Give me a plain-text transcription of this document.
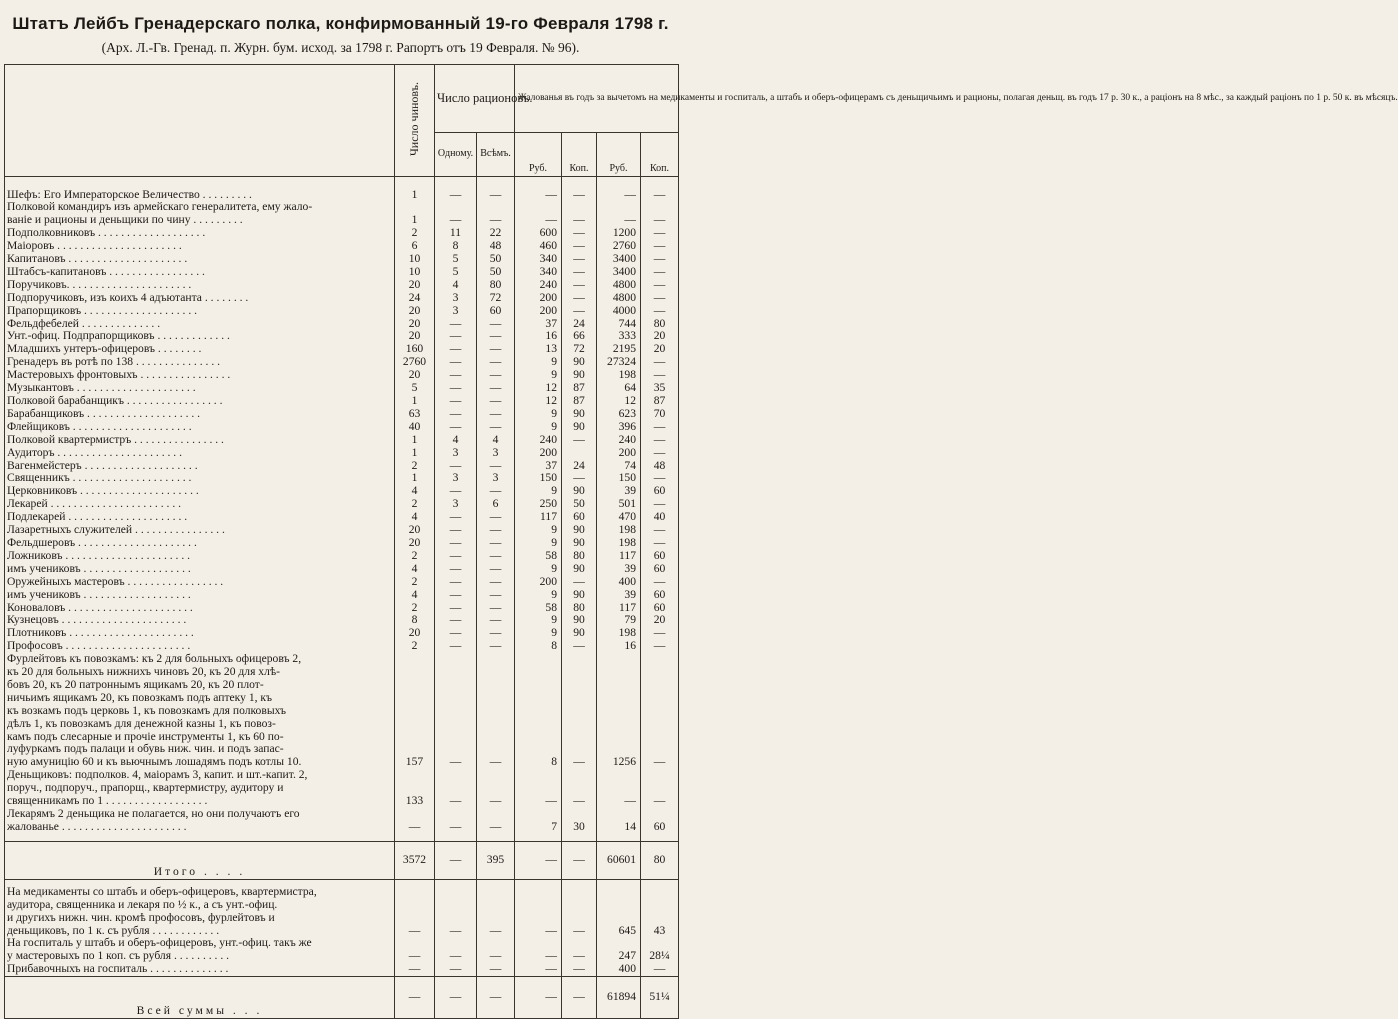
Штатъ Лейбъ Гренадерскаго полка, конфирмованный 19-го Февраля 1798 г.
(Арх. Л.-Гв. Гренад. п. Журн. бум. исход. за 1798 г. Рапортъ отъ 19 Февраля. № 96).
	Число чиновъ.	Число рационовъ.		Жалованья въ годъ за вычетомъ на медикаменты и госпиталь, а штабъ и оберъ-офицерамъ съ деньщичьимъ и рационы, полагая деньщ. въ годъ 17 р. 30 к., а раціонъ на 8 мѣс., за каждый раціонъ по 1 р. 50 к. въ мѣсяцъ.			
		Одному.	Всѣмъ.	Руб.	Коп.	Руб.	Коп.

Шефъ: Его Императорское Величество . . . . . . . . .	1	—	—	—	—	—	—
Полковой командиръ изъ армейскаго генералитета, ему жало-							
ваніе и рационы и деньщики по чину . . . . . . . . .	1	—	—	—	—	—	—
Подполковниковъ . . . . . . . . . . . . . . . . . . .	2	11	22	600	—	1200	—
Маіоровъ . . . . . . . . . . . . . . . . . . . . . .	6	8	48	460	—	2760	—
Капитановъ . . . . . . . . . . . . . . . . . . . . .	10	5	50	340	—	3400	—
Штабсъ-капитановъ . . . . . . . . . . . . . . . . .	10	5	50	340	—	3400	—
Поручиковъ. . . . . . . . . . . . . . . . . . . . . .	20	4	80	240	—	4800	—
Подпоручиковъ, изъ коихъ 4 адъютанта . . . . . . . .	24	3	72	200	—	4800	—
Прапорщиковъ . . . . . . . . . . . . . . . . . . . .	20	3	60	200	—	4000	—
Фельдфебелей . . . . . . . . . . . . . .	20	—	—	37	24	744	80
Унт.-офиц. Подпрапорщиковъ . . . . . . . . . . . . .	20	—	—	16	66	333	20
Младшихъ унтеръ-офицеровъ . . . . . . . .	160	—	—	13	72	2195	20
Гренадеръ въ ротѣ по 138 . . . . . . . . . . . . . . .	2760	—	—	9	90	27324	—
Мастеровыхъ фронтовыхъ . . . . . . . . . . . . . . . .	20	—	—	9	90	198	—
Музыкантовъ . . . . . . . . . . . . . . . . . . . . .	5	—	—	12	87	64	35
Полковой барабанщикъ . . . . . . . . . . . . . . . . .	1	—	—	12	87	12	87
Барабанщиковъ . . . . . . . . . . . . . . . . . . . .	63	—	—	9	90	623	70
Флейщиковъ . . . . . . . . . . . . . . . . . . . . .	40	—	—	9	90	396	—
Полковой квартермистръ . . . . . . . . . . . . . . . .	1	4	4	240	—	240	—
Аудиторъ . . . . . . . . . . . . . . . . . . . . . .	1	3	3	200		200	—
Вагенмейстеръ . . . . . . . . . . . . . . . . . . . .	2	—	—	37	24	74	48
Священникъ . . . . . . . . . . . . . . . . . . . . .	1	3	3	150	—	150	—
Церковниковъ . . . . . . . . . . . . . . . . . . . . .	4	—	—	9	90	39	60
Лекарей . . . . . . . . . . . . . . . . . . . . . . .	2	3	6	250	50	501	—
Подлекарей . . . . . . . . . . . . . . . . . . . . .	4	—	—	117	60	470	40
Лазаретныхъ служителей . . . . . . . . . . . . . . . .	20	—	—	9	90	198	—
Фельдшеровъ . . . . . . . . . . . . . . . . . . . . .	20	—	—	9	90	198	—
Ложниковъ . . . . . . . . . . . . . . . . . . . . . .	2	—	—	58	80	117	60
имъ учениковъ . . . . . . . . . . . . . . . . . . .	4	—	—	9	90	39	60
Оружейныхъ мастеровъ . . . . . . . . . . . . . . . . .	2	—	—	200	—	400	—
имъ учениковъ . . . . . . . . . . . . . . . . . . .	4	—	—	9	90	39	60
Коноваловъ . . . . . . . . . . . . . . . . . . . . . .	2	—	—	58	80	117	60
Кузнецовъ . . . . . . . . . . . . . . . . . . . . . .	8	—	—	9	90	79	20
Плотниковъ . . . . . . . . . . . . . . . . . . . . . .	20	—	—	9	90	198	—
Профосовъ . . . . . . . . . . . . . . . . . . . . . .	2	—	—	8	—	16	—
Фурлейтовъ къ повозкамъ: къ 2 для больныхъ офицеровъ 2,							
къ 20 для больныхъ нижнихъ чиновъ 20, къ 20 для хлѣ-							
бовъ 20, къ 20 патроннымъ ящикамъ 20, къ 20 плот-							
ничьимъ ящикамъ 20, къ повозкамъ подъ аптеку 1, къ							
къ возкамъ подъ церковь 1, къ повозкамъ для полковыхъ							
дѣлъ 1, къ повозкамъ для денежной казны 1, къ повоз-							
камъ подъ слесарные и прочіе инструменты 1, къ 60 по-							
луфуркамъ подъ палаци и обувь ниж. чин. и подъ запас-							
ную амуницію 60 и къ вьючнымъ лошадямъ подъ котлы 10.	157	—	—	8	—	1256	—
Деньщиковъ: подполков. 4, маіорамъ 3, капит. и шт.-капит. 2,							
поруч., подпоруч., прапорщ., квартермистру, аудитору и							
священникамъ по 1 . . . . . . . . . . . . . . . . . .	133	—	—	—	—	—	—
Лекарямъ 2 деньщика не полагается, но они получаютъ его							
жалованье . . . . . . . . . . . . . . . . . . . . . .	—	—	—	7	30	14	60

Итого . . . .	3572	—	395	—	—	60601	80

На медикаменты со штабъ и оберъ-офицеровъ, квартермистра,							
аудитора, священника и лекаря по ½ к., а съ унт.-офиц.							
и другихъ нижн. чин. кромѣ профосовъ, фурлейтовъ и							
деньщиковъ, по 1 к. съ рубля . . . . . . . . . . . .	—	—	—	—	—	645	43
На госпиталь у штабъ и оберъ-офицеровъ, унт.-офиц. такъ же							
у мастеровыхъ по 1 коп. съ рубля . . . . . . . . . .	—	—	—	—	—	247	28¼
Прибавочныхъ на госпиталь . . . . . . . . . . . . . .	—	—	—	—	—	400	—
Всей суммы . . .	—	—	—	—	—	61894	51¼
